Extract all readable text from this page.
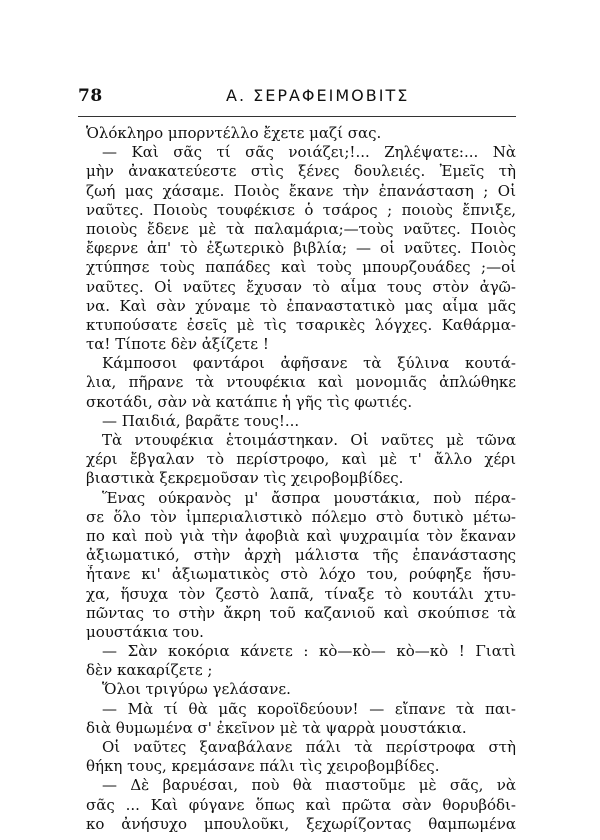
78	Α. ΣΕΡΑΦΕΙΜΟΒΙΤΣ
Ὁλόκληρο μπορντέλλο ἔχετε μαζί σας.
— Καὶ σᾶς τί σᾶς νοιάζει;!... Ζηλέψατε:... Νὰ
μὴν ἀνακατεύεστε στὶς ξένες δουλειές. Ἐμεῖς τὴ
ζωή μας χάσαμε. Ποιὸς ἔκανε τὴν ἐπανάσταση ; Οἱ
ναῦτες. Ποιοὺς τουφέκισε ὁ τσάρος ; ποιοὺς ἔπνιξε,
ποιοὺς ἔδενε μὲ τὰ παλαμάρια;—τοὺς ναῦτες. Ποιὸς
ἔφερνε ἀπ' τὸ ἐξωτερικὸ βιβλία; — οἱ ναῦτες. Ποιὸς
χτύπησε τοὺς παπάδες καὶ τοὺς μπουρζουάδες ;—οἱ
ναῦτες. Οἱ ναῦτες ἔχυσαν τὸ αἷμα τους στὸν ἀγῶ-
να. Καὶ σὰν χύναμε τὸ ἐπαναστατικὸ μας αἷμα μᾶς
κτυπούσατε ἐσεῖς μὲ τὶς τσαρικὲς λόγχες. Καθάρμα-
τα! Τίποτε δὲν ἀξίζετε !
Κάμποσοι φαντάροι ἀφῆσανε τὰ ξύλινα κουτά-
λια, πῆρανε τὰ ντουφέκια καὶ μονομιᾶς ἀπλώθηκε
σκοτάδι, σὰν νὰ κατάπιε ἡ γῆς τὶς φωτιές.
— Παιδιά, βαρᾶτε τους!...
Τὰ ντουφέκια ἑτοιμάστηκαν. Οἱ ναῦτες μὲ τῶνα
χέρι ἔβγαλαν τὸ περίστροφο, καὶ μὲ τ' ἄλλο χέρι
βιαστικὰ ξεκρεμοῦσαν τὶς χειροβομβίδες.
Ἕνας ούκρανὸς μ' ἄσπρα μουστάκια, ποὺ πέρα-
σε ὅλο τὸν ἰμπεριαλιστικὸ πόλεμο στὸ δυτικὸ μέτω-
πο καὶ ποὺ γιὰ τὴν ἀφοβιὰ καὶ ψυχραιμία τὸν ἔκαναν
ἀξιωματικό, στὴν ἀρχὴ μάλιστα τῆς ἐπανάστασης
ἦτανε κι' ἀξιωματικὸς στὸ λόχο του, ρούφηξε ἥσυ-
χα, ἥσυχα τὸν ζεστὸ λαπᾶ, τίναξε τὸ κουτάλι χτυ-
πῶντας το στὴν ἄκρη τοῦ καζανιοῦ καὶ σκούπισε τὰ
μουστάκια του.
— Σὰν κοκόρια κάνετε : κὸ—κὸ— κὸ—κὸ ! Γιατὶ
δὲν κακαρίζετε ;
Ὅλοι τριγύρω γελάσανε.
— Μὰ τί θὰ μᾶς κοροϊδεύουν! — εἴπανε τὰ παι-
διὰ θυμωμένα σ' ἐκεῖνον μὲ τὰ ψαρρὰ μουστάκια.
Οἱ ναῦτες ξαναβάλανε πάλι τὰ περίστροφα στὴ
θήκη τους, κρεμάσανε πάλι τὶς χειροβομβίδες.
— Δὲ βαρυέσαι, ποὺ θὰ πιαστοῦμε μὲ σᾶς, νὰ
σᾶς ... Καὶ φύγανε ὅπως καὶ πρῶτα σὰν θορυβόδι-
κο ἀνήσυχο μπουλοῦκι, ξεχωρίζοντας θαμπωμένα
